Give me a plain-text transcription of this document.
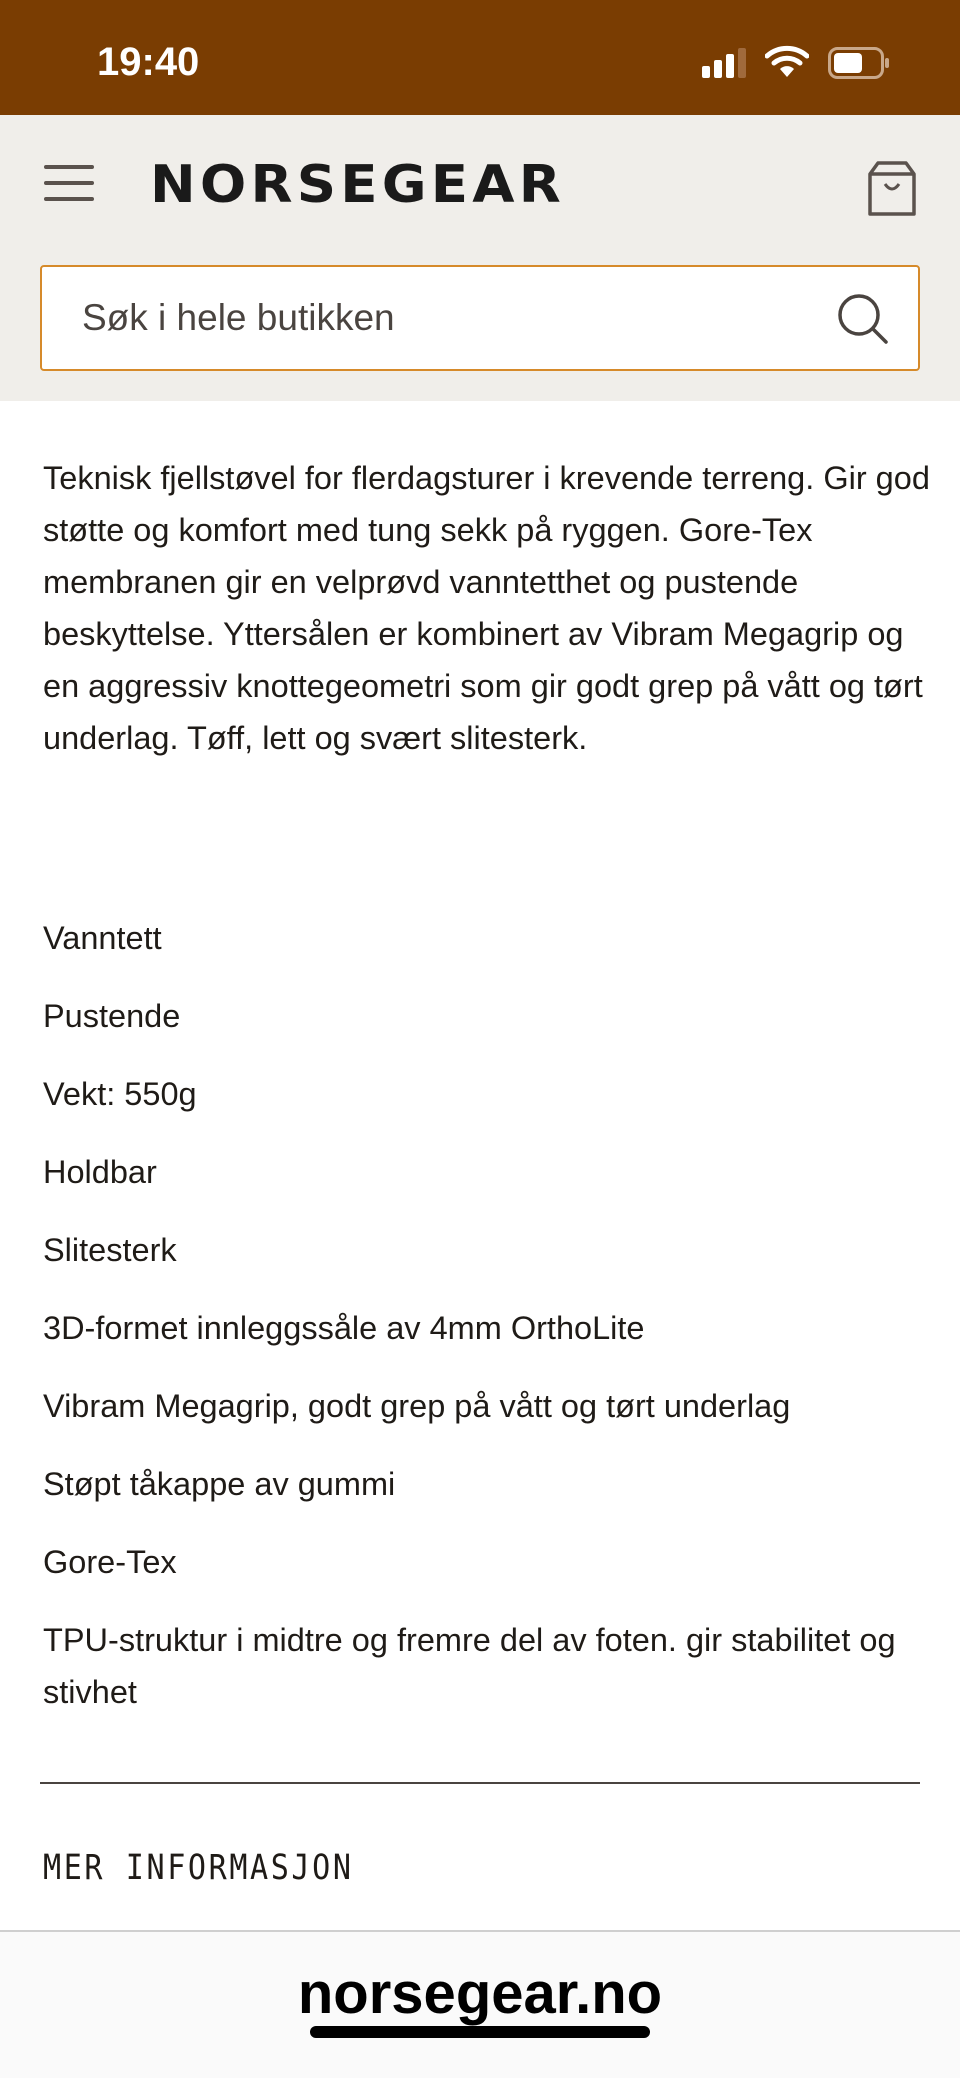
19:40
NORSEGEAR
Søk i hele butikken

Teknisk fjellstøvel for flerdagsturer i krevende terreng. Gir god støtte og komfort med tung sekk på ryggen. Gore-Tex membranen gir en velprøvd vanntetthet og pustende beskyttelse. Yttersålen er kombinert av Vibram Megagrip og en aggressiv knottegeometri som gir godt grep på vått og tørt underlag. Tøff, lett og svært slitesterk.

Vanntett
Pustende
Vekt: 550g
Holdbar
Slitesterk
3D-formet innleggssåle av 4mm OrthoLite
Vibram Megagrip, godt grep på vått og tørt underlag
Støpt tåkappe av gummi
Gore-Tex
TPU-struktur i midtre og fremre del av foten. gir stabilitet og stivhet
MER INFORMASJON
norsegear.no
